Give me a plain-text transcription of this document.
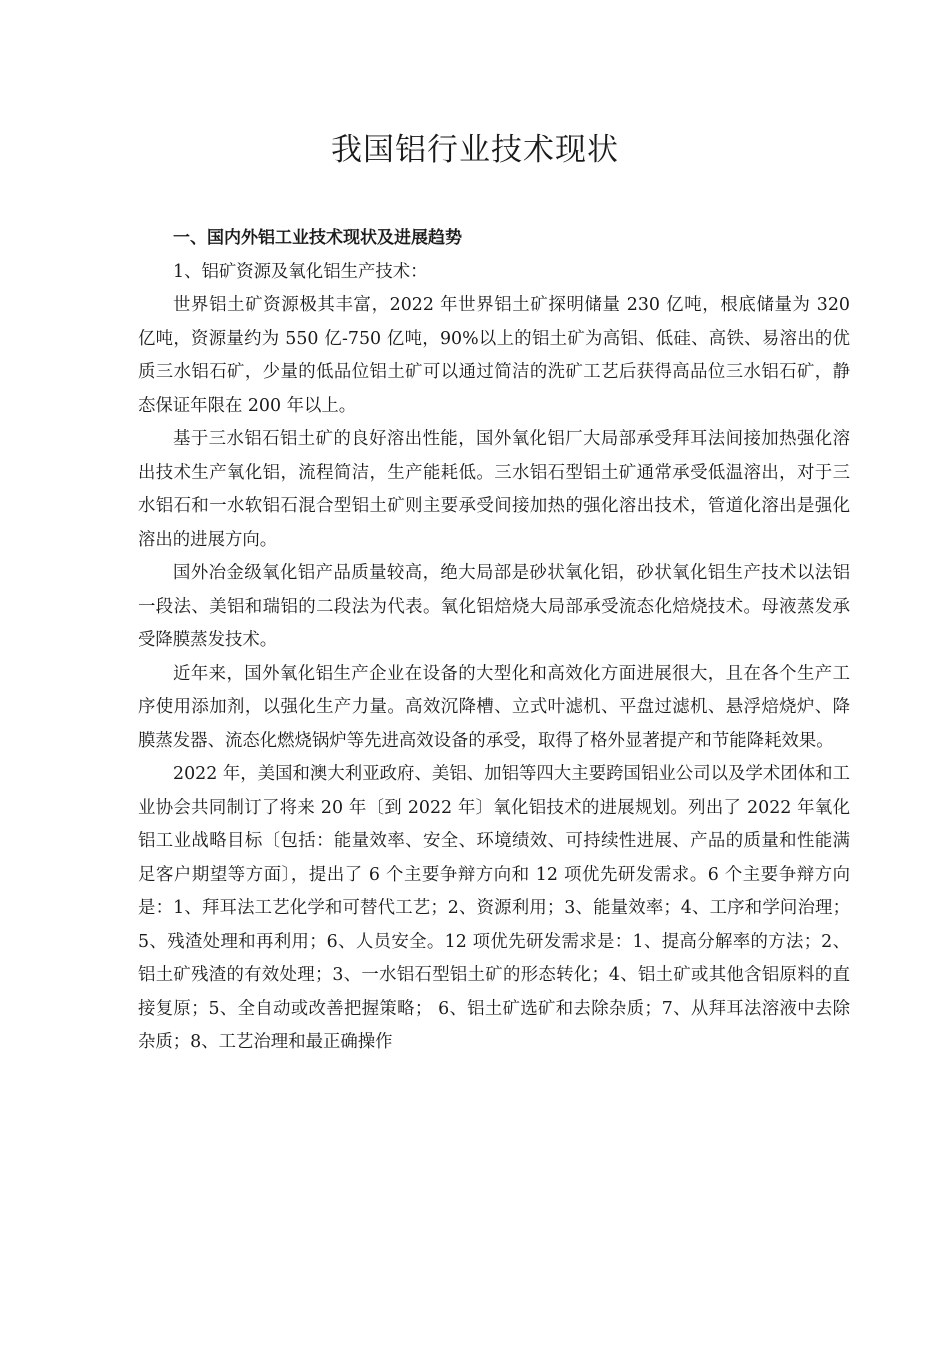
我国铝行业技术现状

一、国内外铝工业技术现状及进展趋势

1、铝矿资源及氧化铝生产技术：

世界铝土矿资源极其丰富，2022 年世界铝土矿探明储量 230 亿吨，根底储量为 320 亿吨，资源量约为 550 亿-750 亿吨，90%以上的铝土矿为高铝、低硅、高铁、易溶出的优质三水铝石矿，少量的低品位铝土矿可以通过简洁的洗矿工艺后获得高品位三水铝石矿，静态保证年限在 200 年以上。

基于三水铝石铝土矿的良好溶出性能，国外氧化铝厂大局部承受拜耳法间接加热强化溶出技术生产氧化铝，流程简洁，生产能耗低。三水铝石型铝土矿通常承受低温溶出，对于三水铝石和一水软铝石混合型铝土矿则主要承受间接加热的强化溶出技术，管道化溶出是强化溶出的进展方向。

国外冶金级氧化铝产品质量较高，绝大局部是砂状氧化铝，砂状氧化铝生产技术以法铝一段法、美铝和瑞铝的二段法为代表。氧化铝焙烧大局部承受流态化焙烧技术。母液蒸发承受降膜蒸发技术。

近年来，国外氧化铝生产企业在设备的大型化和高效化方面进展很大，且在各个生产工序使用添加剂，以强化生产力量。高效沉降槽、立式叶滤机、平盘过滤机、悬浮焙烧炉、降膜蒸发器、流态化燃烧锅炉等先进高效设备的承受，取得了格外显著提产和节能降耗效果。

2022 年，美国和澳大利亚政府、美铝、加铝等四大主要跨国铝业公司以及学术团体和工业协会共同制订了将来 20 年〔到 2022 年〕氧化铝技术的进展规划。列出了 2022 年氧化铝工业战略目标〔包括：能量效率、安全、环境绩效、可持续性进展、产品的质量和性能满足客户期望等方面〕，提出了 6 个主要争辩方向和 12 项优先研发需求。6 个主要争辩方向是：1、拜耳法工艺化学和可替代工艺；2、资源利用；3、能量效率；4、工序和学问治理；5、残渣处理和再利用；6、人员安全。12 项优先研发需求是：1、提高分解率的方法；2、铝土矿残渣的有效处理；3、一水铝石型铝土矿的形态转化；4、铝土矿或其他含铝原料的直接复原；5、全自动或改善把握策略； 6、铝土矿选矿和去除杂质；7、从拜耳法溶液中去除杂质；8、工艺治理和最正确操作
